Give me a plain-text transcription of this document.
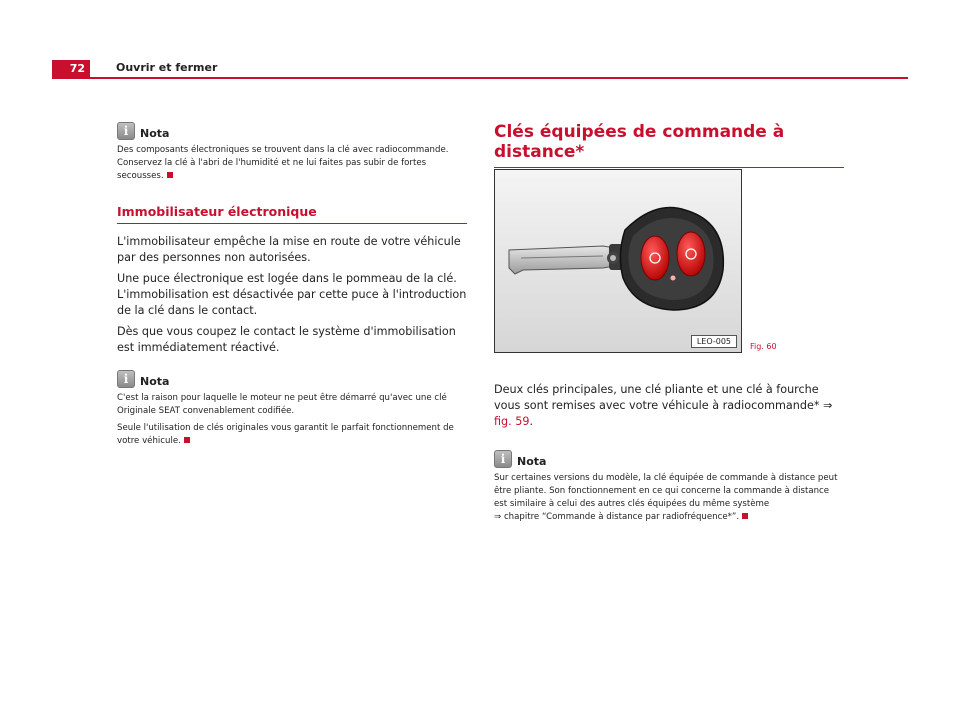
72	Ouvrir et fermer
i	Nota

Des composants électroniques se trouvent dans la clé avec radiocommande. Conservez la clé à l'abri de l'humidité et ne lui faites pas subir de fortes secousses.

Immobilisateur électronique

L'immobilisateur empêche la mise en route de votre véhicule par des personnes non autorisées.

Une puce électronique est logée dans le pommeau de la clé. L'immobilisation est désactivée par cette puce à l'introduction de la clé dans le contact.

Dès que vous coupez le contact le système d'immobilisation est immédiatement réactivé.

i	Nota

C'est la raison pour laquelle le moteur ne peut être démarré qu'avec une clé Originale SEAT convenablement codifiée.

Seule l'utilisation de clés originales vous garantit le parfait fonctionnement de votre véhicule.

Clés équipées de commande à distance*
LEO-005
Fig. 60

Deux clés principales, une clé pliante et une clé à fourche vous sont remises avec votre véhicule à radiocommande* ⇒ fig. 59.

i	Nota

Sur certaines versions du modèle, la clé équipée de commande à distance peut être pliante. Son fonctionnement en ce qui concerne la commande à distance est similaire à celui des autres clés équipées du même système
⇒ chapitre “Commande à distance par radiofréquence*”.
